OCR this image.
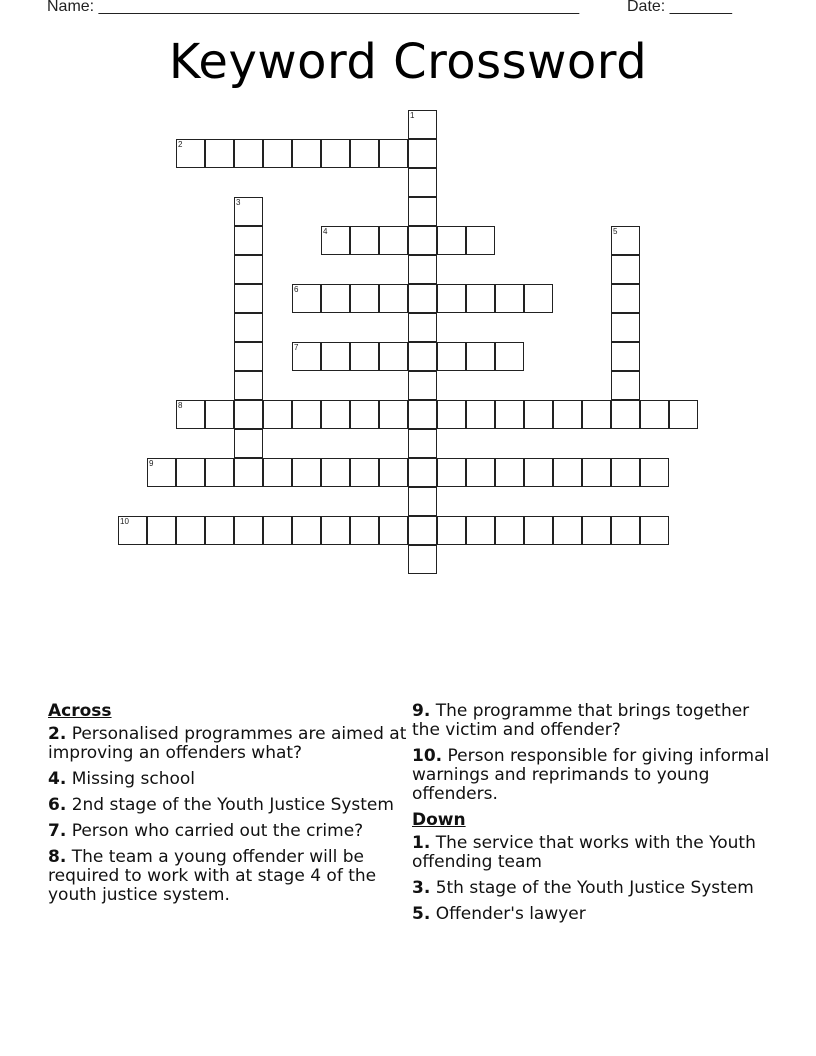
Name: ______________________________________________________	Date: _______
Keyword Crossword
1
2
3
4	5
6
7
8
9
10
Across
2. Personalised programmes are aimed at improving an offenders what?
4. Missing school
6. 2nd stage of the Youth Justice System
7. Person who carried out the crime?
8. The team a young offender will be required to work with at stage 4 of the youth justice system.
9. The programme that brings together the victim and offender?
10. Person responsible for giving informal warnings and reprimands to young offenders.
Down
1. The service that works with the Youth offending team
3. 5th stage of the Youth Justice System
5. Offender's lawyer
